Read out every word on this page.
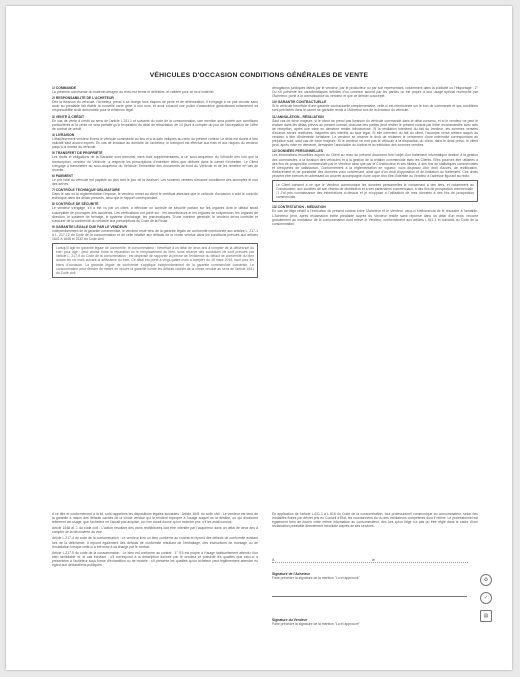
VÉHICULES D'OCCASION CONDITIONS GÉNÉRALES DE VENTE
1/ COMMANDE
La présente commande du matériel désigné au recto est ferme et définitive, et validée pour ce seul matériel.
2/ RESPONSABILITÉ DE L'ACHETEUR
Dès la livraison du véhicule, l'Acheteur prend à sa charge tous risques de perte et de détérioration, il s'engage à ne pas circuler sans avoir au préalable fait établir la nouvelle carte grise à son nom, et avoir souscrit une police d'assurance garantissant notamment sa responsabilité civile automobile pour le minimum légal.
3/ VENTE À CRÉDIT
En cas de vente à crédit au sens de l'article L.311.1 et suivants du code de la consommation, une mention sera portée aux conditions particulières et la vente ne sera parfaite qu'à l'expiration du délai de rétractation de 14 jours à compter du jour de l'acceptation de l'offre de contrat de crédit.
4/ LIVRAISON
L'établissement vendeur livrera le véhicule commandé au lieu et à la date indiqués au recto du présent contrat. Le délai est donné à titre indicatif sauf accord exprès. En cas de livraison au domicile de l'acheteur, le transport est effectué aux frais et aux risques du vendeur jusqu'à la remise du véhicule.
5/ TRANSFERT DE PROPRIÉTÉ
Les droits et obligations de la Garantie sont transmis, sans frais supplémentaires, à un sous-acquéreur du Véhicule dès lors que la transcription, vendeur du Véhicule, a respecté les prescriptions d'entretien telles que définies dans le carnet d'entretien. Le Client s'engage à transmettre au sous-acquéreur du Véhicule, l'ensemble des documents de bord du Véhicule et de les remettre en cas de revente.
6/ PAIEMENT
Le prix total du véhicule est payable au plus tard le jour de la livraison. Les sommes versées d'avance constituent des acomptes et non des arrhes.
7/ CONTRÔLE TECHNIQUE OBLIGATOIRE
Dans le cas où la réglementation l'impose, le vendeur remet au client le certificat attestant que le véhicule d'occasion a subi le contrôle technique dans les délais prescrits, ainsi que le rapport correspondant.
8/ CONTRÔLE DE SÉCURITÉ
Le vendeur s'engage, s'il a été vu par un client, à effectuer un contrôle de sécurité portant sur les organes dont le défaut serait susceptible de provoquer des accidents. Les vérifications ont porté sur : les amortisseurs et les organes de suspension, les organes de direction, le système de freinage, le système d'éclairage, les pneumatiques. D'une manière générale, le vendeur devra contrôler et s'assurer de la conformité du véhicule aux prescriptions du Code de la Route.
9/ GARANTIE LÉGALE DUE PAR LE VENDEUR
Indépendamment de la garantie commerciale, le vendeur reste tenu de la garantie légale de conformité mentionnée aux articles L. 217-1 à L. 217-12 du Code de la consommation et de celle relative aux défauts de la chose vendue dans les conditions prévues aux articles 1641 à 1648 et 2232 du Code civil.
Lorsqu'il agit en garantie légale de conformité, le consommateur : bénéficie d'un délai de deux ans à compter de la délivrance du bien pour agir ; peut choisir entre la réparation ou le remplacement du bien, sous réserve des conditions de coût prévues par l'article L. 217-9 du Code de la consommation ; est dispensé de rapporter la preuve de l'existence du défaut de conformité du bien durant les six mois suivant la délivrance du bien. Ce délai est porté à vingt-quatre mois à compter du 18 mars 2016, sauf pour les biens d'occasion. La garantie légale de conformité s'applique indépendamment de la garantie commerciale consentie. Le consommateur peut décider de mettre en oeuvre la garantie contre les défauts cachés de la chose vendue au sens de l'article 1641 du Code civil.
dérogations juridiques faites par le vendeur, par le producteur ou par son représentant, notamment dans la publicité ou l'étiquetage ; 2° Ou s'il présente les caractéristiques définies d'un commun accord par les parties ou est propre à tout usage spécial recherché par l'Acheteur, porté à la connaissance du vendeur et que ce dernier a accepté.
10/ GARANTIE CONTRACTUELLE
Si le véhicule bénéficie d'une garantie contractuelle complémentaire, celle-ci est mentionnée sur le bon de commande et ses conditions sont précisées dans le carnet de garantie remis à l'Acheteur lors de la livraison du véhicule.
11/ ANNULATION - RÉSILIATION
Sauf cas de force majeure, si le client ne prend pas livraison du véhicule commandé dans le délai convenu, et si le vendeur ne peut le réaliser dans les délais prévus au présent contrat, chacune des parties peut résilier le présent contrat par lettre recommandée avec avis de réception, après une mise en demeure restée infructueuse. Si la résiliation intervient du fait du vendeur, les sommes versées d'avance seront restituées, majorées des intérêts au taux légal. Si elle intervient du fait du client, l'acompte versé restera acquis au vendeur à titre d'indemnité forfaitaire. Le vendeur se réserve le droit de réclamer le versement d'une indemnité correspondant au préjudice subi, sauf cas de force majeure. Si le vendeur ne met pas le véhicule à la disposition du client, dans le délai prévu, le client peut, après mise en demeure, demander l'annulation du contrat et la restitution des sommes versées.
12/ DONNÉES PERSONNELLES
Les informations recueillies auprès du Client au recto du présent document font l'objet d'un traitement informatique destiné à la gestion des commandes, à la livraison des véhicules et à la gestion de la relation commerciale avec les Clients. Elles pourront être utilisées à des fins de prospection commerciale par le Vendeur ainsi que par le Constructeur et ses filiales, à des fins de statistiques commerciales et d'enquêtes de satisfaction. Conformément à la réglementation en vigueur, vous disposez d'un droit d'accès, de rectification, d'effacement et de portabilité des données vous concernant, ainsi que d'un droit d'opposition et de limitation du traitement. Ces droits peuvent être exercés en adressant un courrier accompagné d'une copie d'un titre d'identité au Vendeur à l'adresse figurant au recto.
Le Client consent à ce que le Vendeur communique les données personnelles le concernant à des tiers, et notamment au Constructeur, aux sociétés de son réseau de distribution et à ses partenaires commerciaux, à des fins de prospection commerciale. ☐ J'ai pris connaissance des informations ci-dessus et je m'oppose à l'utilisation de mes données à des fins de prospection commerciale.
13/ CONTESTATION - MÉDIATION
En cas de litige relatif à l'exécution du présent contrat entre l'Acheteur et le Vendeur, ceux-ci s'efforceront de le résoudre à l'amiable. L'Acheteur peut, après réclamation écrite préalable auprès du Vendeur restée sans réponse dans un délai d'un mois, recourir gratuitement au médiateur de la consommation dont relève le Vendeur, conformément aux articles L.611-1 et suivants du Code de la consommation.
A ce titre et conformément à la loi, sont rappelées les dispositions légales suivantes : Article 1641 du code civil : Le vendeur est tenu de la garantie à raison des défauts cachés de la chose vendue qui la rendent impropre à l'usage auquel on la destine, ou qui diminuent tellement cet usage, que l'acheteur ne l'aurait pas acquise, ou n'en aurait donné qu'un moindre prix, s'il les avait connus.
Article 1648 al. 1 du code civil : L'action résultant des vices rédhibitoires doit être intentée par l'acquéreur dans un délai de deux ans à compter de la découverte du vice.
Article L.217-4 du code de la consommation : Le vendeur livre un bien conforme au contrat et répond des défauts de conformité existant lors de la délivrance. Il répond également des défauts de conformité résultant de l'emballage, des instructions de montage ou de l'installation lorsque celle-ci a été mise à sa charge par le contrat.
Article L.217-5 du code de la consommation : Le bien est conforme au contrat : 1° S'il est propre à l'usage habituellement attendu d'un bien semblable et, le cas échéant : s'il correspond à la description donnée par le vendeur et possède les qualités que celui-ci a présentées à l'acheteur sous forme d'échantillon ou de modèle ; s'il présente les qualités qu'un acheteur peut légitimement attendre eu égard aux déclarations publiques.
En application de l'article L.611-1 à L.616 du Code de la consommation, tout professionnel communique au consommateur, selon des modalités fixées par décret pris en Conseil d'État, les coordonnées du ou des médiateurs compétents dont il relève. Le professionnel est également tenu de fournir cette même information au consommateur, dès lors qu'un litige n'a pas pu être réglé dans le cadre d'une réclamation préalable directement introduite auprès de ses services.
À	le
Signature de l'Acheteur
Faire précéder la signature de la mention "Lu et approuvé"
Signature du Vendeur
Faire précéder la signature de la mention "Lu et approuvé"
♻
✓
▤
